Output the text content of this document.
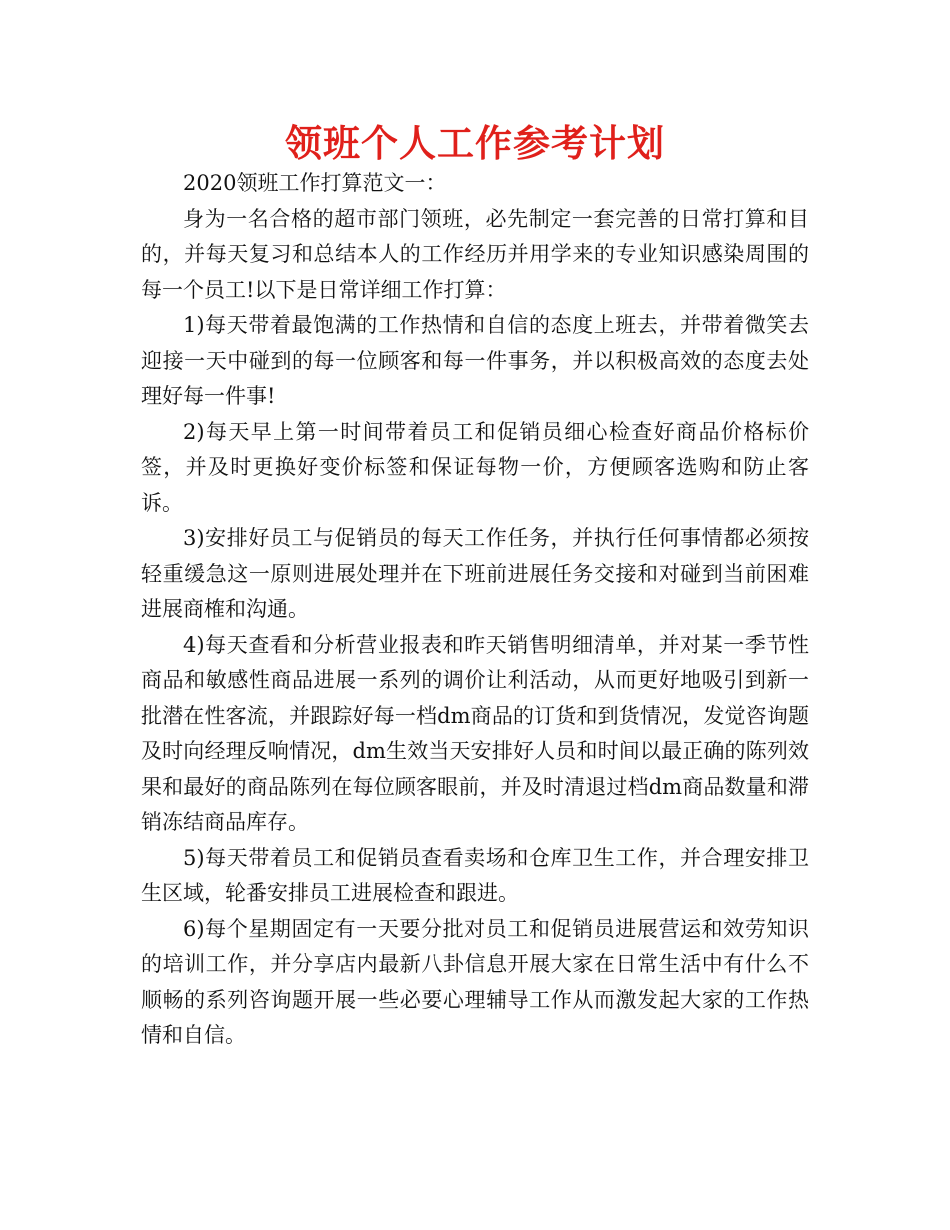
领班个人工作参考计划

2020领班工作打算范文一：

身为一名合格的超市部门领班，必先制定一套完善的日常打算和目的，并每天复习和总结本人的工作经历并用学来的专业知识感染周围的每一个员工!以下是日常详细工作打算：

1)每天带着最饱满的工作热情和自信的态度上班去，并带着微笑去迎接一天中碰到的每一位顾客和每一件事务，并以积极高效的态度去处理好每一件事!

2)每天早上第一时间带着员工和促销员细心检查好商品价格标价签，并及时更换好变价标签和保证每物一价，方便顾客选购和防止客诉。

3)安排好员工与促销员的每天工作任务，并执行任何事情都必须按轻重缓急这一原则进展处理并在下班前进展任务交接和对碰到当前困难进展商榷和沟通。

4)每天查看和分析营业报表和昨天销售明细清单，并对某一季节性商品和敏感性商品进展一系列的调价让利活动，从而更好地吸引到新一批潜在性客流，并跟踪好每一档dm商品的订货和到货情况，发觉咨询题及时向经理反响情况，dm生效当天安排好人员和时间以最正确的陈列效果和最好的商品陈列在每位顾客眼前，并及时清退过档dm商品数量和滞销冻结商品库存。

5)每天带着员工和促销员查看卖场和仓库卫生工作，并合理安排卫生区域，轮番安排员工进展检查和跟进。

6)每个星期固定有一天要分批对员工和促销员进展营运和效劳知识的培训工作，并分享店内最新八卦信息开展大家在日常生活中有什么不顺畅的系列咨询题开展一些必要心理辅导工作从而激发起大家的工作热情和自信。
